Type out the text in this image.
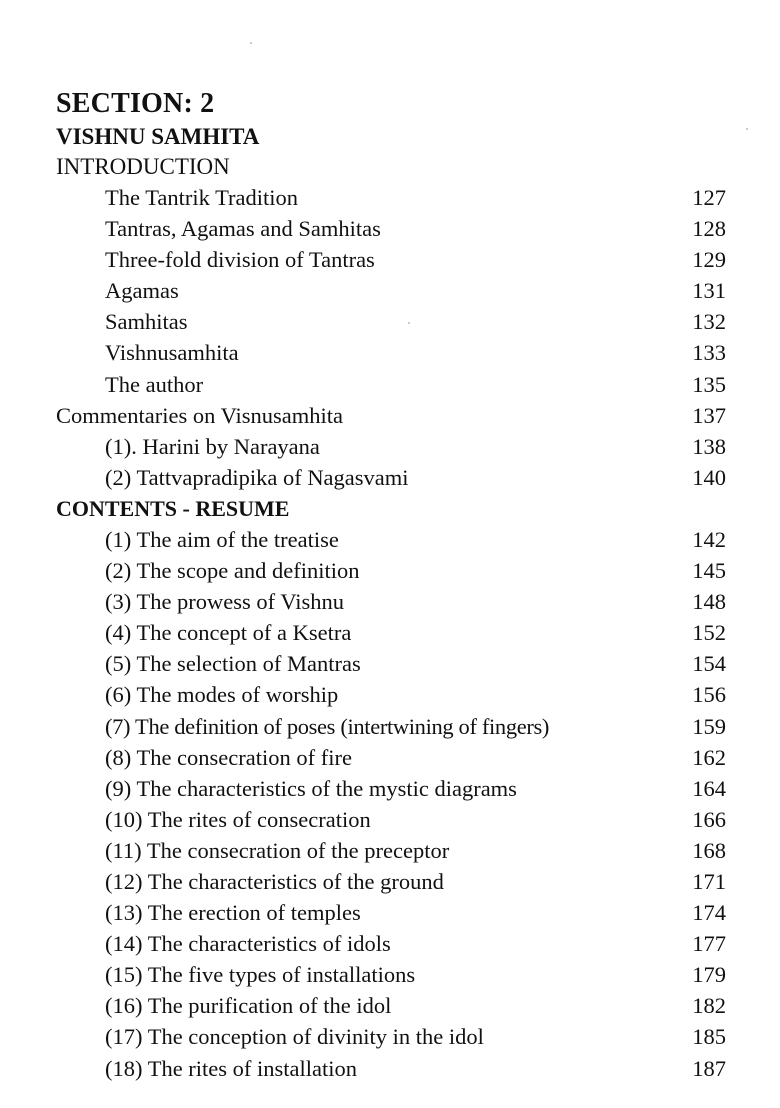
SECTION: 2
VISHNU SAMHITA
INTRODUCTION
The Tantrik Tradition	127
Tantras, Agamas and Samhitas	128
Three-fold division of Tantras	129
Agamas	131
Samhitas	132
Vishnusamhita	133
The author	135
Commentaries on Visnusamhita	137
(1). Harini by Narayana	138
(2) Tattvapradipika of Nagasvami	140
CONTENTS - RESUME
(1) The aim of the treatise	142
(2) The scope and definition	145
(3) The prowess of Vishnu	148
(4) The concept of a Ksetra	152
(5) The selection of Mantras	154
(6) The modes of worship	156
(7) The definition of poses (intertwining of fingers)	159
(8) The consecration of fire	162
(9) The characteristics of the mystic diagrams	164
(10) The rites of consecration	166
(11) The consecration of the preceptor	168
(12) The characteristics of the ground	171
(13) The erection of temples	174
(14) The characteristics of idols	177
(15) The five types of installations	179
(16) The purification of the idol	182
(17) The conception of divinity in the idol	185
(18) The rites of installation	187
